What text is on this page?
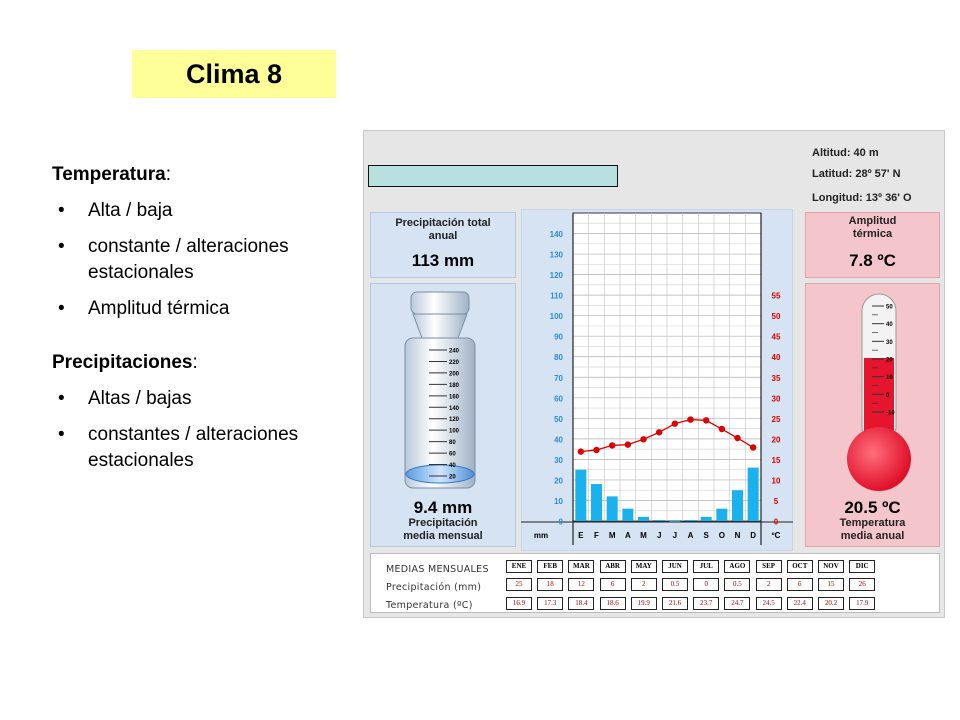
Clima 8
Temperatura:
• Alta / baja
• constante / alteraciones estacionales
• Amplitud térmica
Precipitaciones:
• Altas / bajas
• constantes / alteraciones estacionales
Altitud: 40 m
Latitud: 28º 57' N
Longitud: 13º 36' O
Precipitación total anual
113 mm
240
220
200
180
160
140
120
100
80
60
40
20
9.4 mm
Precipitación media mensual
Amplitud térmica
7.8 ºC
50
40
30
20
10
0
-10
20.5 ºC
Temperatura media anual
0
10
20
30
40
50
60
70
80
90
100
110
120
130
140
0
5
10
15
20
25
30
35
40
45
50
55
E F M A M J J A S O N D
mm	ºC
MEDIAS MENSUALES
Precipitación (mm)
Temperatura (ºC)
ENE	FEB	MAR	ABR	MAY	JUN	JUL	AGO	SEP	OCT	NOV	DIC
25	18	12	6	2	0.5	0	0.5	2	6	15	26
16.9	17.3	18.4	18.6	19.9	21.6	23.7	24.7	24.5	22.4	20.2	17.9
